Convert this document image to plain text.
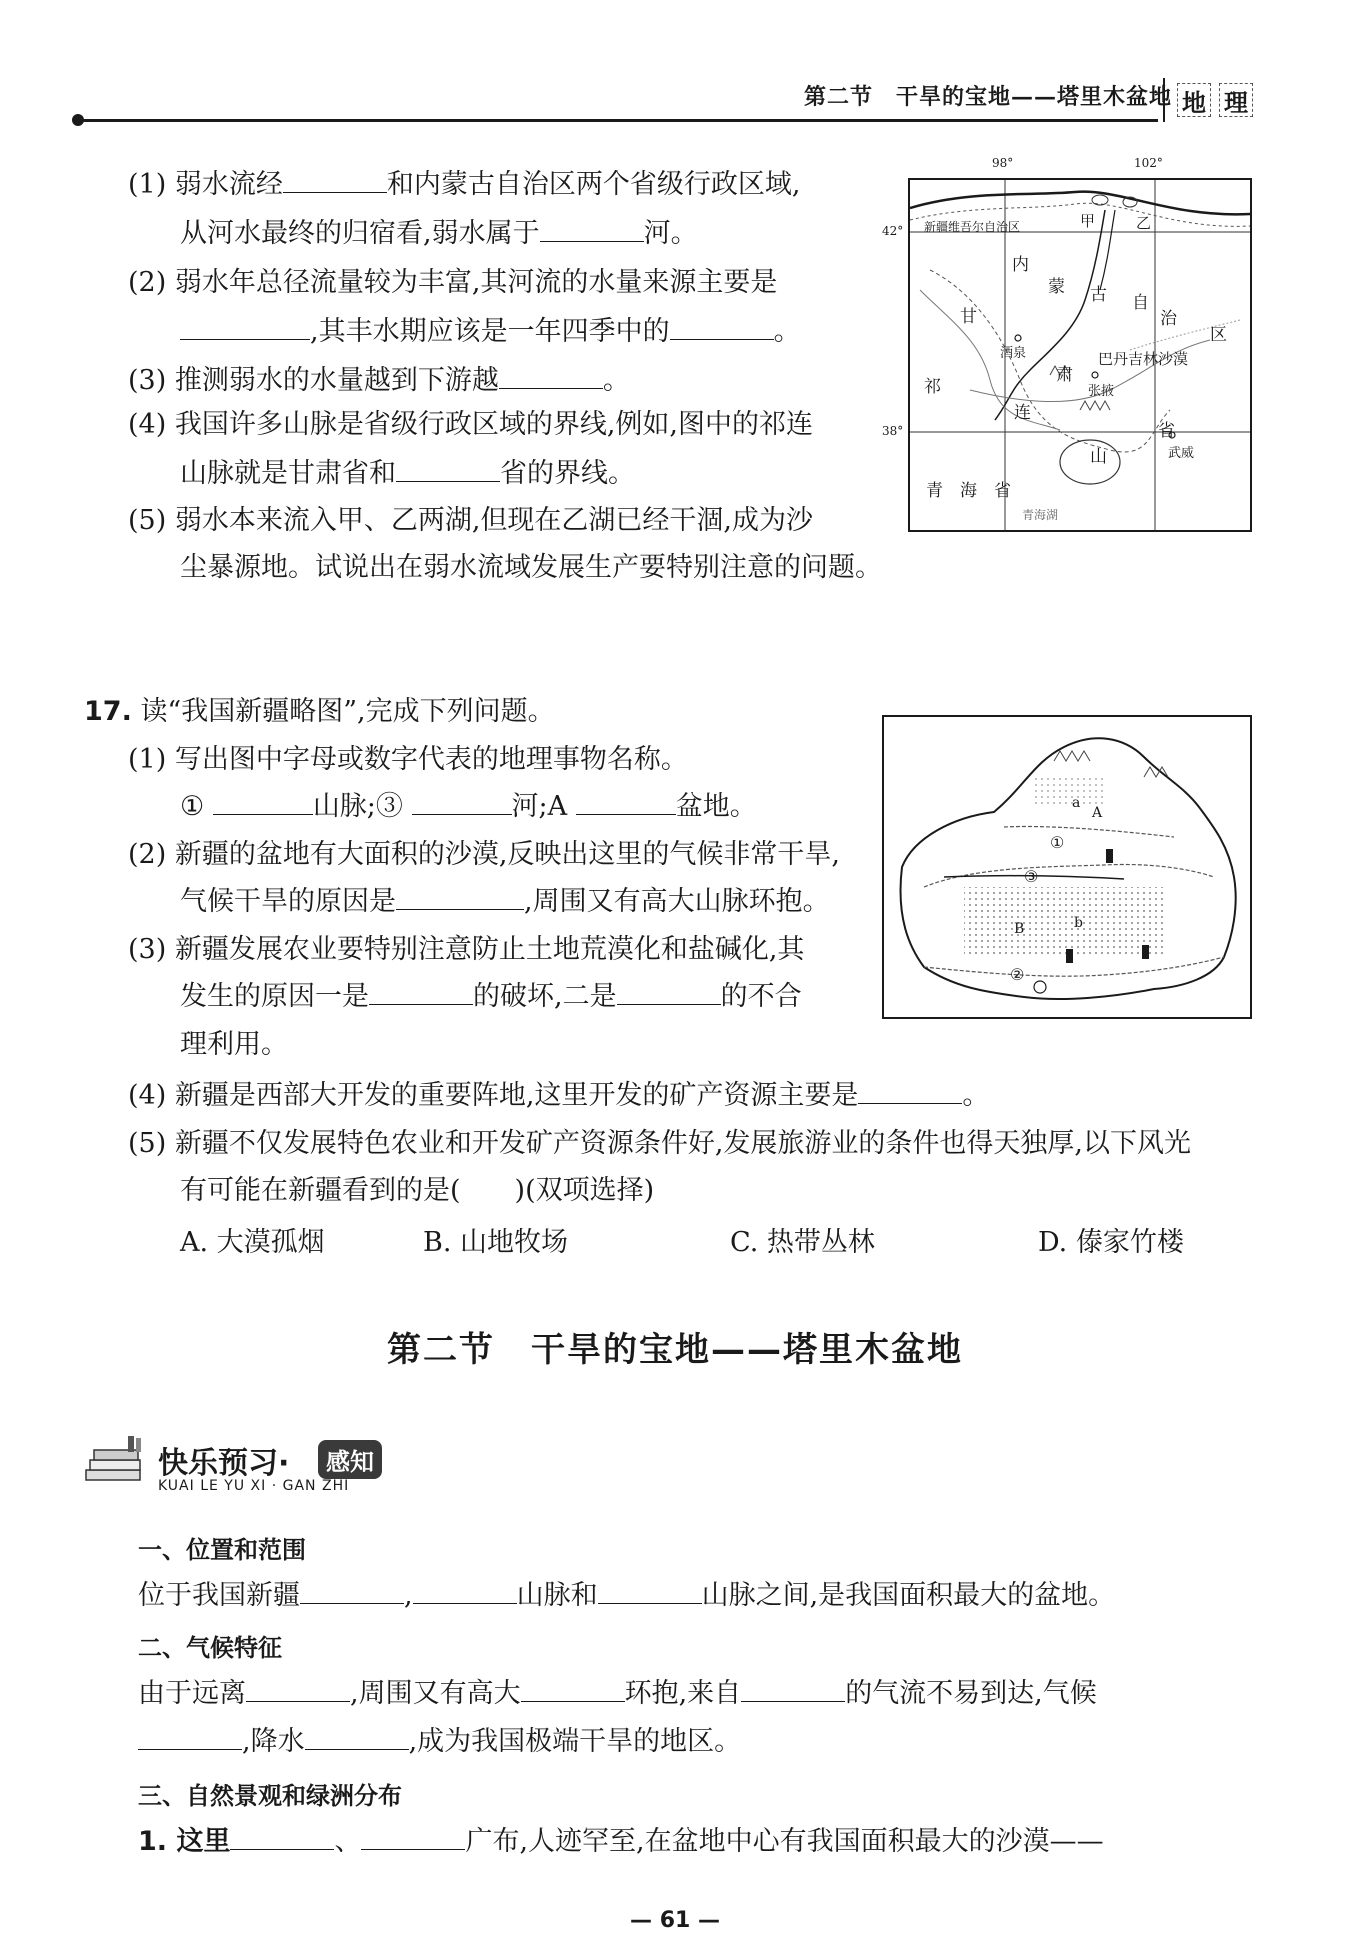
第二节　干旱的宝地——塔里木盆地 地 理
(1) 弱水流经	和内蒙古自治区两个省级行政区域,
从河水最终的归宿看,弱水属于	河。
(2) 弱水年总径流量较为丰富,其河流的水量来源主要是
,其丰水期应该是一年四季中的	。
(3) 推测弱水的水量越到下游越	。
(4) 我国许多山脉是省级行政区域的界线,例如,图中的祁连
山脉就是甘肃省和	省的界线。
(5) 弱水本来流入甲、乙两湖,但现在乙湖已经干涸,成为沙
尘暴源地。试说出在弱水流域发展生产要特别注意的问题。
98°	102°
42°
38°
新疆维吾尔自治区	甲	乙
内
蒙 古 自
治
区
甘
肃
祁
连
山
省
酒泉
张掖
武威
巴丹吉林沙漠
青　海　省
青海湖
17. 读“我国新疆略图”,完成下列问题。
(1) 写出图中字母或数字代表的地理事物名称。
①	山脉;③	河;A	盆地。
(2) 新疆的盆地有大面积的沙漠,反映出这里的气候非常干旱,
气候干旱的原因是	,周围又有高大山脉环抱。
(3) 新疆发展农业要特别注意防止土地荒漠化和盐碱化,其
发生的原因一是	的破坏,二是	的不合
理利用。
(4) 新疆是西部大开发的重要阵地,这里开发的矿产资源主要是	。
(5) 新疆不仅发展特色农业和开发矿产资源条件好,发展旅游业的条件也得天独厚,以下风光
有可能在新疆看到的是(　　)(双项选择)
A. 大漠孤烟	B. 山地牧场	C. 热带丛林	D. 傣家竹楼
a
A
①
③
B	b
②
第二节　干旱的宝地——塔里木盆地
快乐预习·	感知
KUAI LE YU XI · GAN ZHI
一、位置和范围
位于我国新疆	,	山脉和	山脉之间,是我国面积最大的盆地。
二、气候特征
由于远离	,周围又有高大	环抱,来自	的气流不易到达,气候
,降水	,成为我国极端干旱的地区。
三、自然景观和绿洲分布
1. 这里	、	广布,人迹罕至,在盆地中心有我国面积最大的沙漠——
— 61 —
